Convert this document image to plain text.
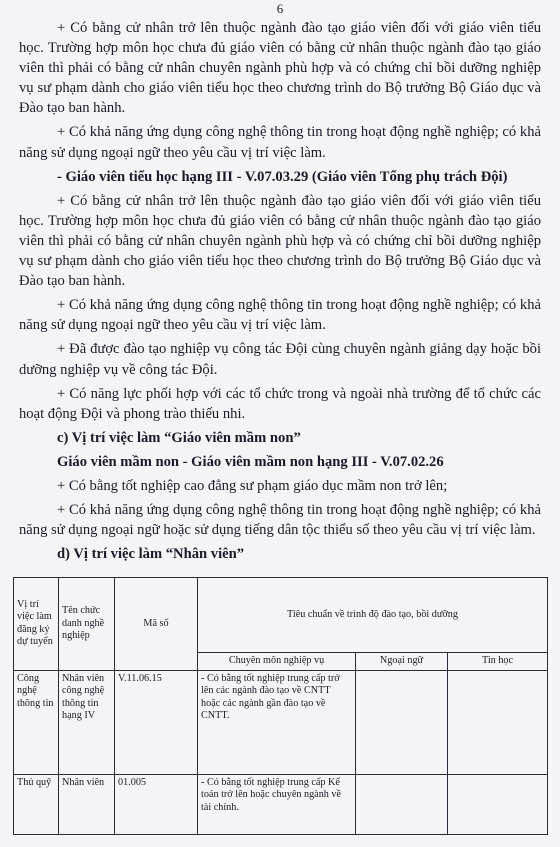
6

+ Có bằng cử nhân trở lên thuộc ngành đào tạo giáo viên đối với giáo viên tiểu học. Trường hợp môn học chưa đủ giáo viên có bằng cử nhân thuộc ngành đào tạo giáo viên thì phải có bằng cử nhân chuyên ngành phù hợp và có chứng chỉ bồi dưỡng nghiệp vụ sư phạm dành cho giáo viên tiểu học theo chương trình do Bộ trưởng Bộ Giáo dục và Đào tạo ban hành.

+ Có khả năng ứng dụng công nghệ thông tin trong hoạt động nghề nghiệp; có khả năng sử dụng ngoại ngữ theo yêu cầu vị trí việc làm.

- Giáo viên tiểu học hạng III - V.07.03.29 (Giáo viên Tổng phụ trách Đội)

+ Có bằng cử nhân trở lên thuộc ngành đào tạo giáo viên đối với giáo viên tiểu học. Trường hợp môn học chưa đủ giáo viên có bằng cử nhân thuộc ngành đào tạo giáo viên thì phải có bằng cử nhân chuyên ngành phù hợp và có chứng chỉ bồi dưỡng nghiệp vụ sư phạm dành cho giáo viên tiểu học theo chương trình do Bộ trưởng Bộ Giáo dục và Đào tạo ban hành.

+ Có khả năng ứng dụng công nghệ thông tin trong hoạt động nghề nghiệp; có khả năng sử dụng ngoại ngữ theo yêu cầu vị trí việc làm.

+ Đã được đào tạo nghiệp vụ công tác Đội cùng chuyên ngành giảng dạy hoặc bồi dưỡng nghiệp vụ về công tác Đội.

+ Có năng lực phối hợp với các tổ chức trong và ngoài nhà trường để tổ chức các hoạt động Đội và phong trào thiếu nhi.

c) Vị trí việc làm “Giáo viên mầm non”

Giáo viên mầm non - Giáo viên mầm non hạng III - V.07.02.26

+ Có bằng tốt nghiệp cao đẳng sư phạm giáo dục mầm non trở lên;

+ Có khả năng ứng dụng công nghệ thông tin trong hoạt động nghề nghiệp; có khả năng sử dụng ngoại ngữ hoặc sử dụng tiếng dân tộc thiểu số theo yêu cầu vị trí việc làm.

d) Vị trí việc làm “Nhân viên”

Vị trí việc làm đăng ký dự tuyển	Tên chức danh nghề nghiệp	Mã số	Tiêu chuẩn về trình độ đào tạo, bồi dưỡng		
			Chuyên môn nghiệp vụ	Ngoại ngữ	Tin học
Công nghệ thông tin	Nhân viên công nghệ thông tin hạng IV	V.11.06.15	- Có bằng tốt nghiệp trung cấp trở lên các ngành đào tạo về CNTT hoặc các ngành gần đào tạo về CNTT.		
Thủ quỹ	Nhân viên	01.005	- Có bằng tốt nghiệp trung cấp Kế toán trở lên hoặc chuyên ngành về tài chính.		
